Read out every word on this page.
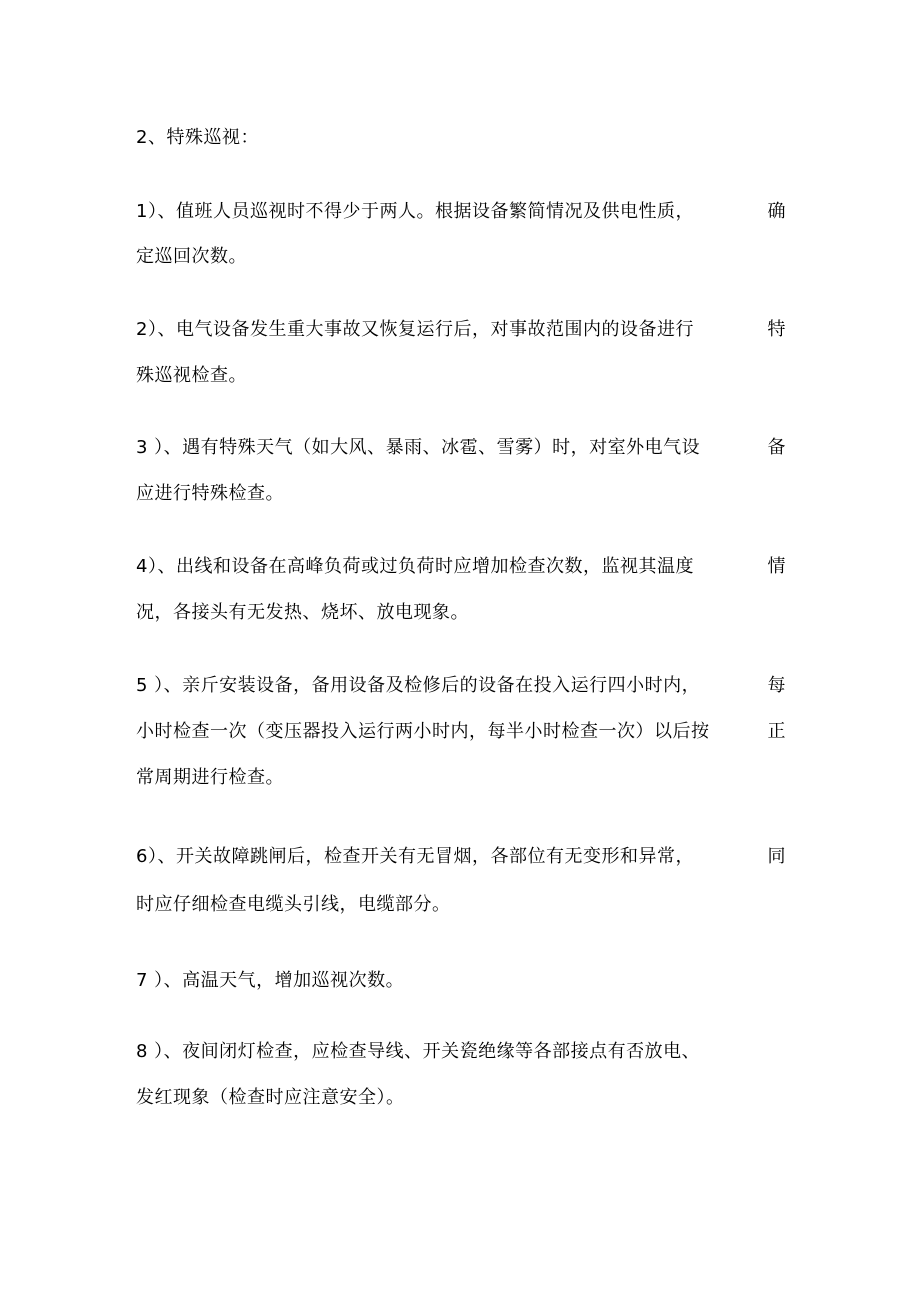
2、特殊巡视：
1）、值班人员巡视时不得少于两人。根据设备繁简情况及供电性质，	确
定巡回次数。
2）、电气设备发生重大事故又恢复运行后，对事故范围内的设备进行	特
殊巡视检查。
3 ）、遇有特殊天气（如大风、暴雨、冰雹、雪雾）时，对室外电气设	备
应进行特殊检查。
4）、出线和设备在高峰负荷或过负荷时应增加检查次数，监视其温度	情
况，各接头有无发热、烧坏、放电现象。
5 ）、亲斤安装设备，备用设备及检修后的设备在投入运行四小时内，	每
小时检查一次（变压器投入运行两小时内，每半小时检查一次）以后按	正
常周期进行检查。
6）、开关故障跳闸后，检查开关有无冒烟，各部位有无变形和异常，	同
时应仔细检查电缆头引线，电缆部分。
7 ）、高温天气，增加巡视次数。
8 ）、夜间闭灯检查，应检查导线、开关瓷绝缘等各部接点有否放电、
发红现象（检查时应注意安全）。
